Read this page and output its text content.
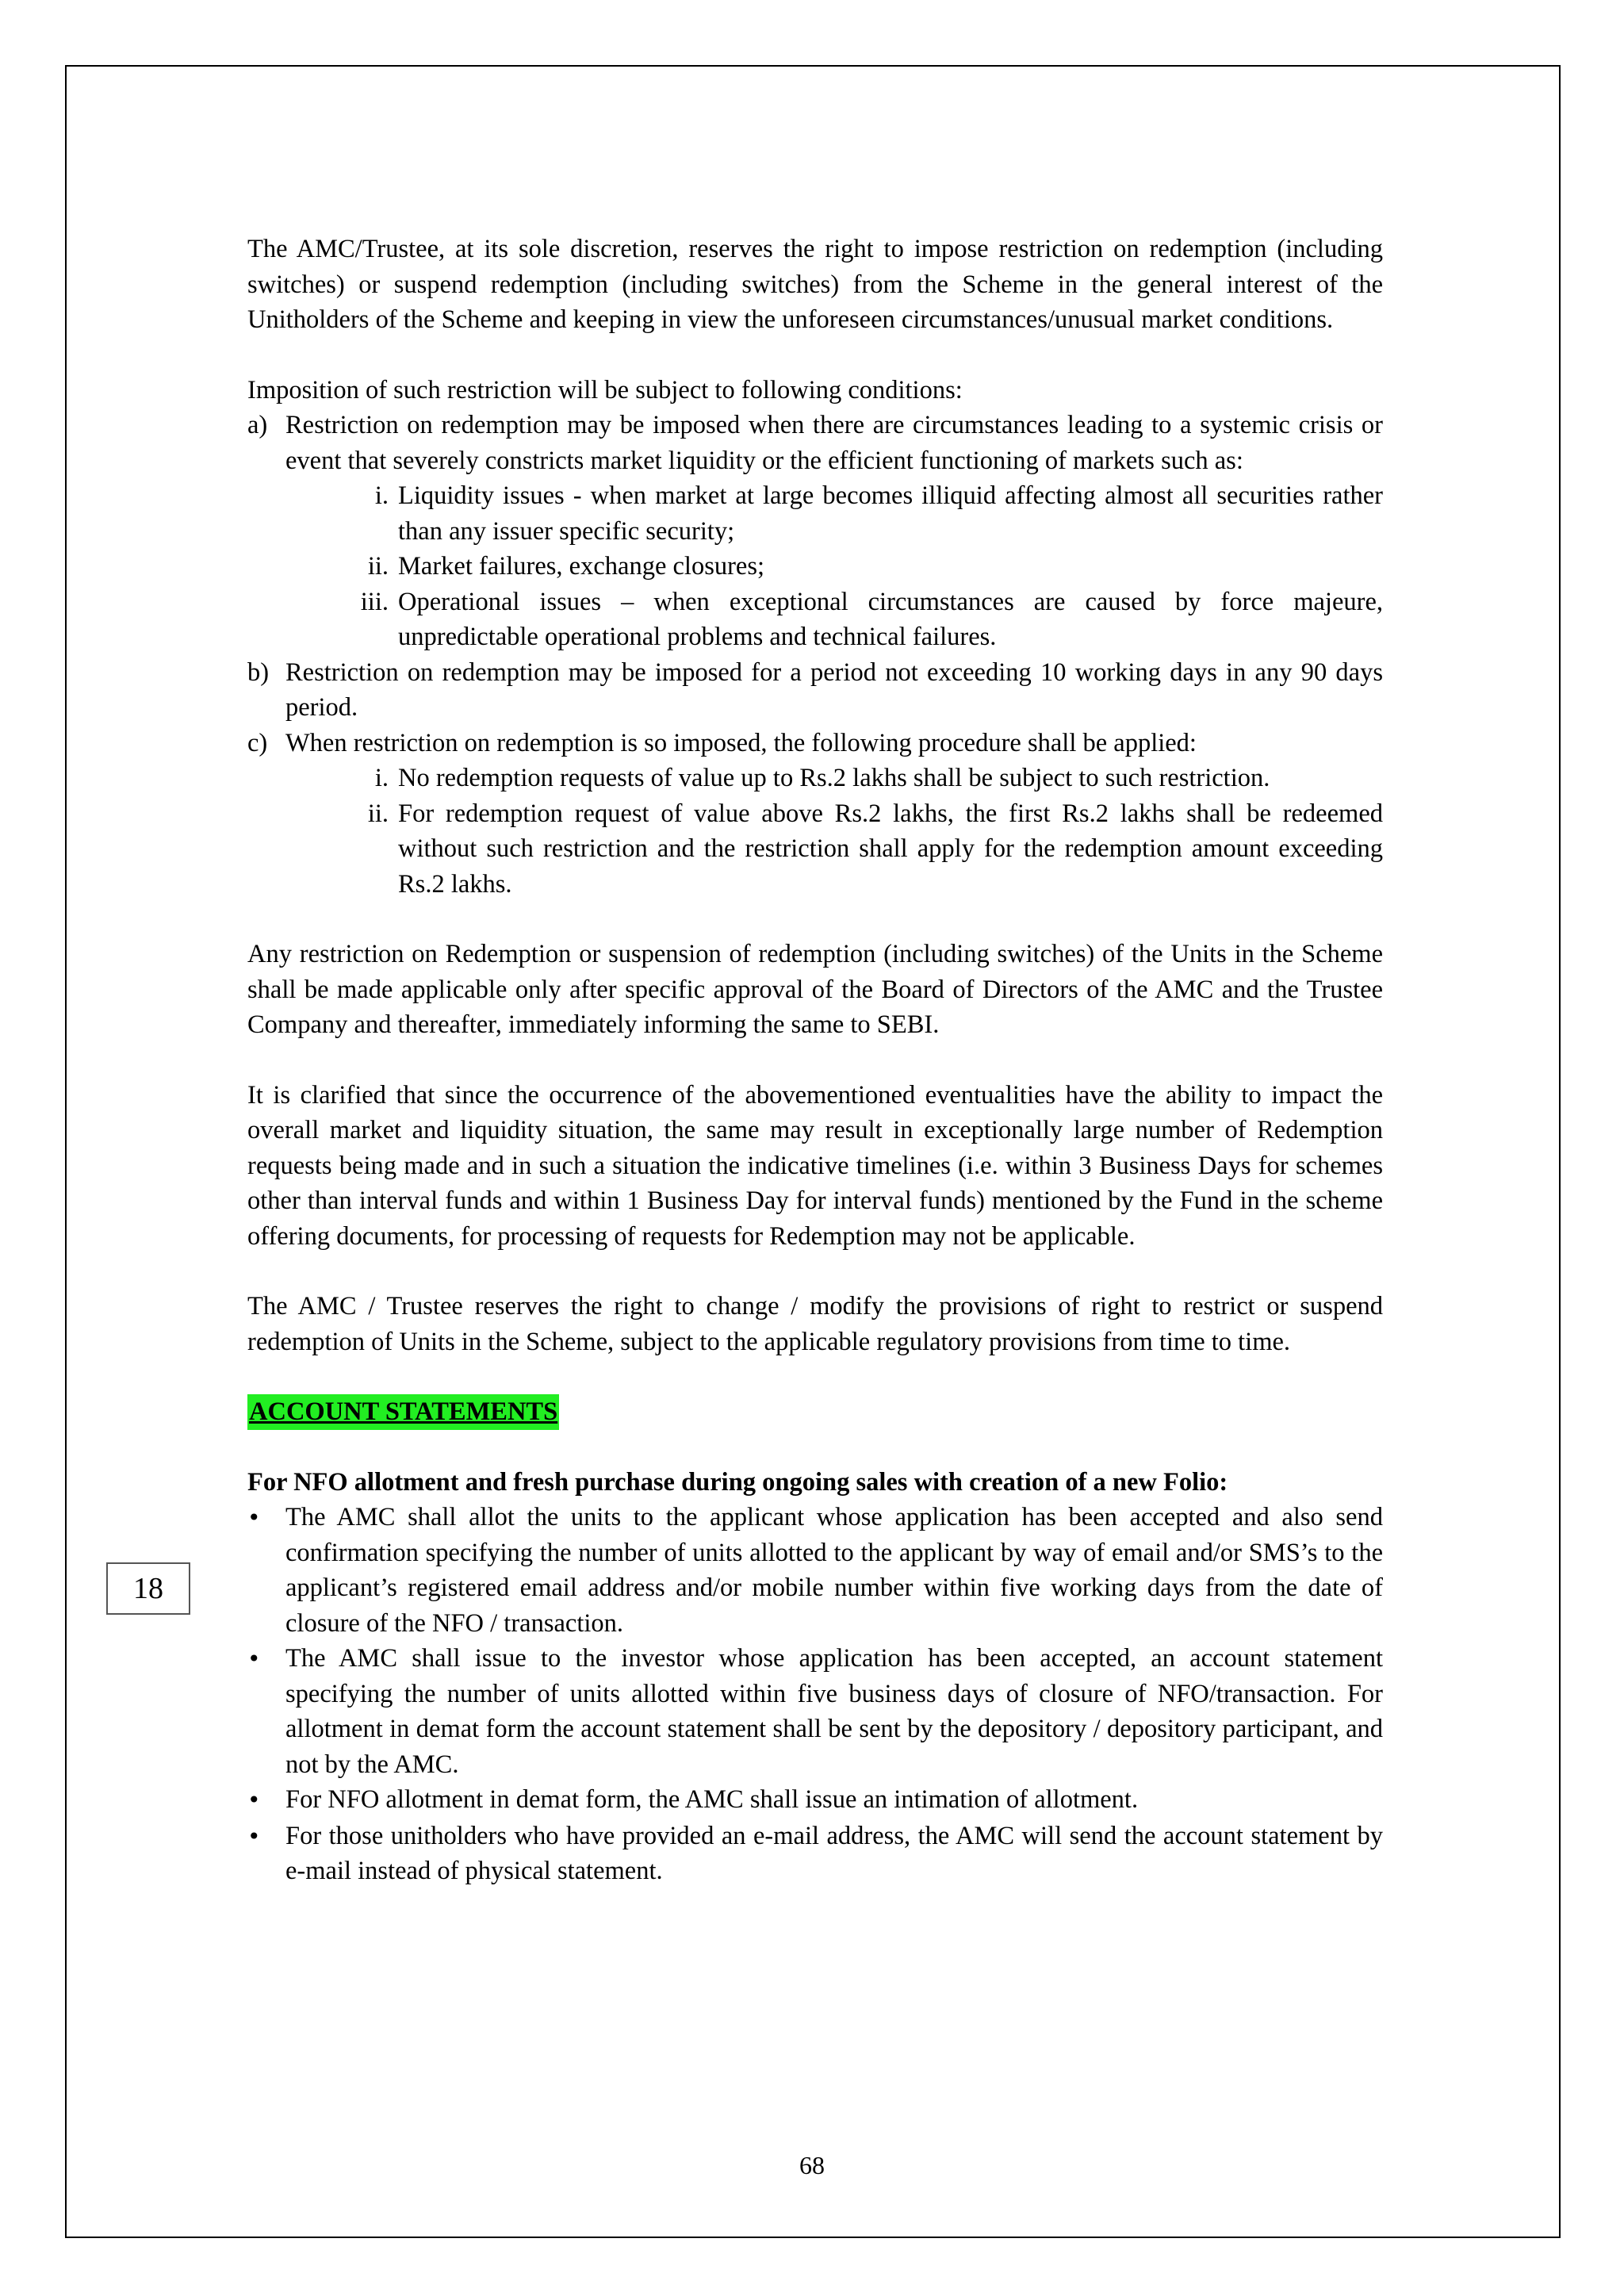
The AMC/Trustee, at its sole discretion, reserves the right to impose restriction on redemption (including switches) or suspend redemption (including switches) from the Scheme in the general interest of the Unitholders of the Scheme and keeping in view the unforeseen circumstances/unusual market conditions.

Imposition of such restriction will be subject to following conditions:

a) Restriction on redemption may be imposed when there are circumstances leading to a systemic crisis or event that severely constricts market liquidity or the efficient functioning of markets such as:
i. Liquidity issues - when market at large becomes illiquid affecting almost all securities rather than any issuer specific security;
ii. Market failures, exchange closures;
iii. Operational issues – when exceptional circumstances are caused by force majeure, unpredictable operational problems and technical failures.
b) Restriction on redemption may be imposed for a period not exceeding 10 working days in any 90 days period.
c) When restriction on redemption is so imposed, the following procedure shall be applied:
i. No redemption requests of value up to Rs.2 lakhs shall be subject to such restriction.
ii. For redemption request of value above Rs.2 lakhs, the first Rs.2 lakhs shall be redeemed without such restriction and the restriction shall apply for the redemption amount exceeding Rs.2 lakhs.

Any restriction on Redemption or suspension of redemption (including switches) of the Units in the Scheme shall be made applicable only after specific approval of the Board of Directors of the AMC and the Trustee Company and thereafter, immediately informing the same to SEBI.

It is clarified that since the occurrence of the abovementioned eventualities have the ability to impact the overall market and liquidity situation, the same may result in exceptionally large number of Redemption requests being made and in such a situation the indicative timelines (i.e. within 3 Business Days for schemes other than interval funds and within 1 Business Day for interval funds) mentioned by the Fund in the scheme offering documents, for processing of requests for Redemption may not be applicable.

The AMC / Trustee reserves the right to change / modify the provisions of right to restrict or suspend redemption of Units in the Scheme, subject to the applicable regulatory provisions from time to time.

ACCOUNT STATEMENTS

For NFO allotment and fresh purchase during ongoing sales with creation of a new Folio:

•
The AMC shall allot the units to the applicant whose application has been accepted and also send confirmation specifying the number of units allotted to the applicant by way of email and/or SMS’s to the applicant’s registered email address and/or mobile number within five working days from the date of closure of the NFO / transaction.
•
The AMC shall issue to the investor whose application has been accepted, an account statement specifying the number of units allotted within five business days of closure of NFO/transaction. For allotment in demat form the account statement shall be sent by the depository / depository participant, and not by the AMC.
•
For NFO allotment in demat form, the AMC shall issue an intimation of allotment.
•
For those unitholders who have provided an e-mail address, the AMC will send the account statement by e-mail instead of physical statement.
18
68
